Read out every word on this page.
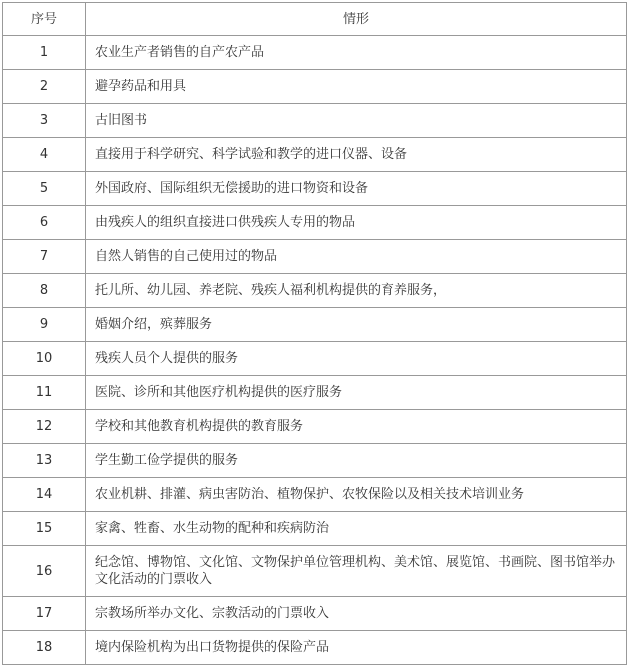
序号	情形
1	农业生产者销售的自产农产品
2	避孕药品和用具
3	古旧图书
4	直接用于科学研究、科学试验和教学的进口仪器、设备
5	外国政府、国际组织无偿援助的进口物资和设备
6	由残疾人的组织直接进口供残疾人专用的物品
7	自然人销售的自己使用过的物品
8	托儿所、幼儿园、养老院、残疾人福利机构提供的育养服务，
9	婚姻介绍，殡葬服务
10	残疾人员个人提供的服务
11	医院、诊所和其他医疗机构提供的医疗服务
12	学校和其他教育机构提供的教育服务
13	学生勤工俭学提供的服务
14	农业机耕、排灌、病虫害防治、植物保护、农牧保险以及相关技术培训业务
15	家禽、牲畜、水生动物的配种和疾病防治
16	纪念馆、博物馆、文化馆、文物保护单位管理机构、美术馆、展览馆、书画院、图书馆举办文化活动的门票收入
17	宗教场所举办文化、宗教活动的门票收入
18	境内保险机构为出口货物提供的保险产品
